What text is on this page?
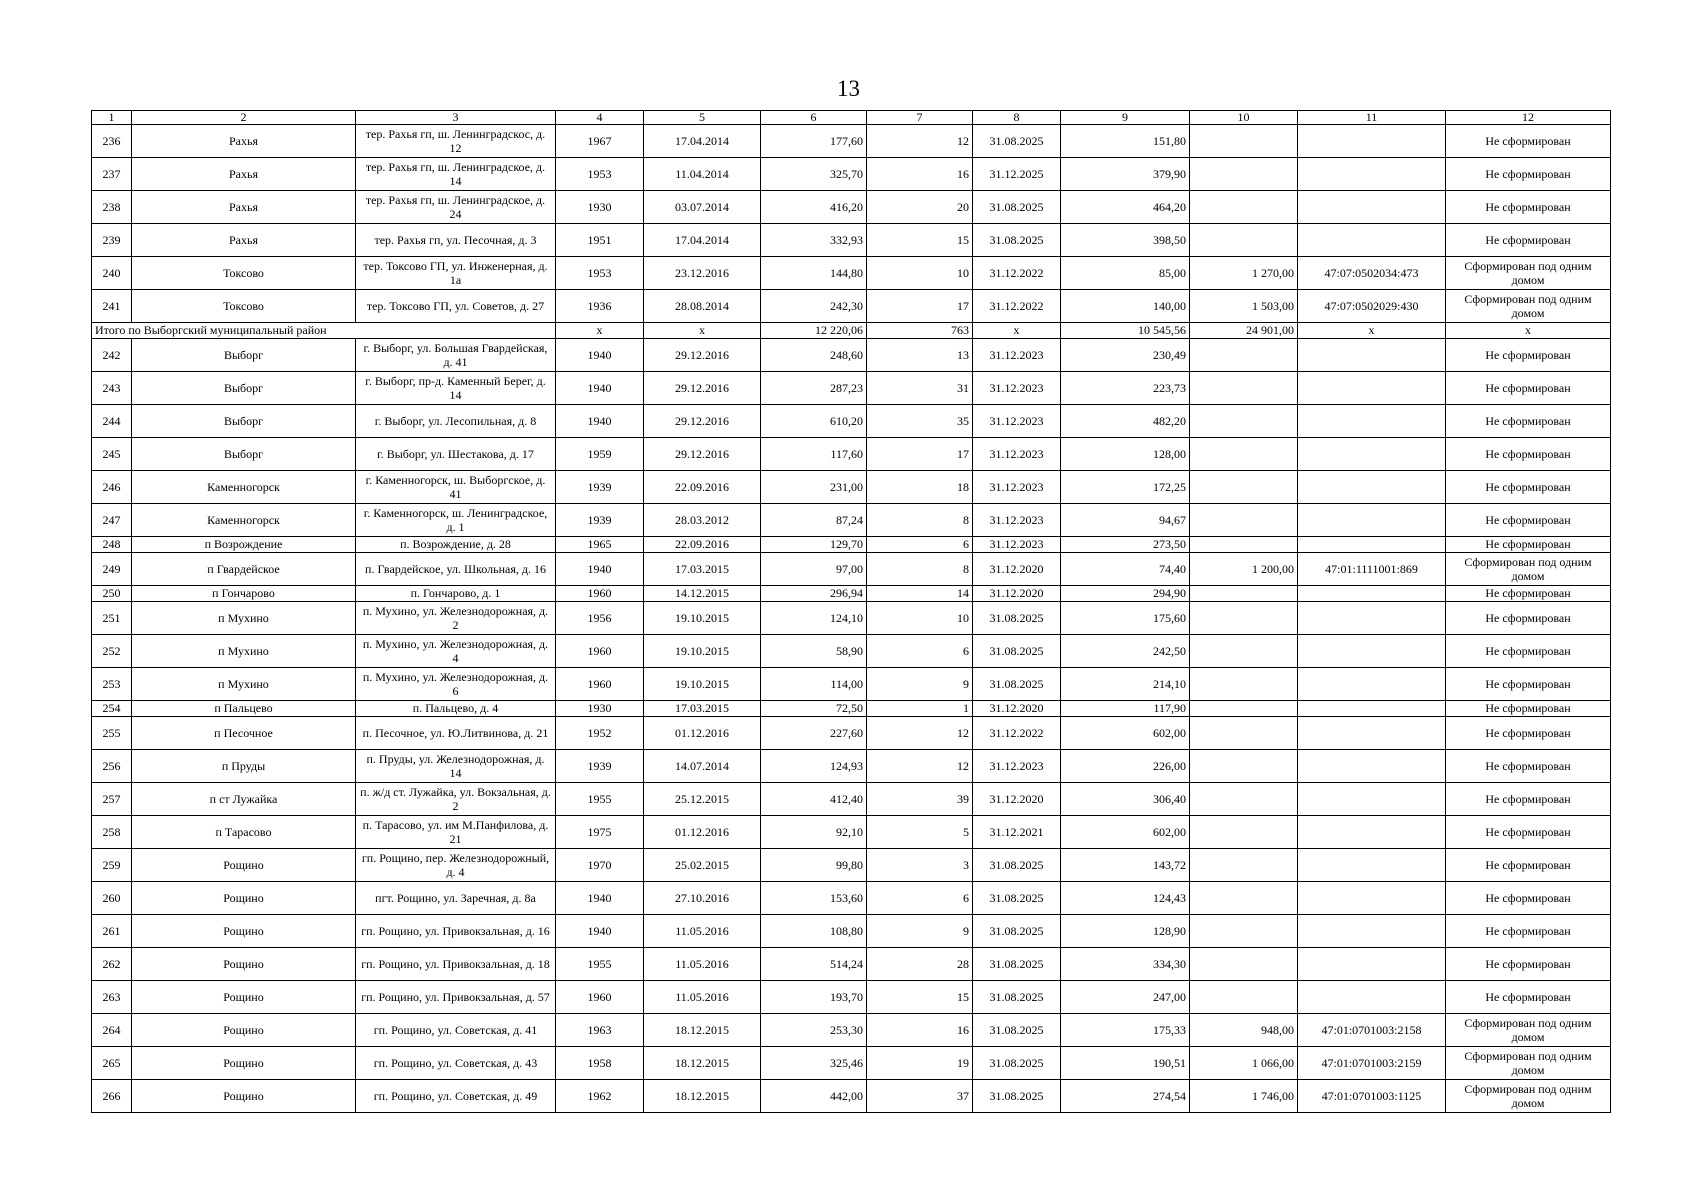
13
1	2	3	4	5	6	7	8	9	10	11	12
236	Рахья	тер. Рахья гп, ш. Ленинградскос, д. 12	1967	17.04.2014	177,60	12	31.08.2025	151,80			Не сформирован
237	Рахья	тер. Рахья гп, ш. Ленинградское, д. 14	1953	11.04.2014	325,70	16	31.12.2025	379,90			Не сформирован
238	Рахья	тер. Рахья гп, ш. Ленинградское, д. 24	1930	03.07.2014	416,20	20	31.08.2025	464,20			Не сформирован
239	Рахья	тер. Рахья гп, ул. Песочная, д. 3	1951	17.04.2014	332,93	15	31.08.2025	398,50			Не сформирован
240	Токсово	тер. Токсово ГП, ул. Инженерная, д. 1а	1953	23.12.2016	144,80	10	31.12.2022	85,00	1 270,00	47:07:0502034:473	Сформирован под одним домом
241	Токсово	тер. Токсово ГП, ул. Советов, д. 27	1936	28.08.2014	242,30	17	31.12.2022	140,00	1 503,00	47:07:0502029:430	Сформирован под одним домом
Итого по Выборгский муниципальный район			x	x	12 220,06	763	x	10 545,56	24 901,00	x	x
242	Выборг	г. Выборг, ул. Большая Гвардейская, д. 41	1940	29.12.2016	248,60	13	31.12.2023	230,49			Не сформирован
243	Выборг	г. Выборг, пр-д. Каменный Берег, д. 14	1940	29.12.2016	287,23	31	31.12.2023	223,73			Не сформирован
244	Выборг	г. Выборг, ул. Лесопильная, д. 8	1940	29.12.2016	610,20	35	31.12.2023	482,20			Не сформирован
245	Выборг	г. Выборг, ул. Шестакова, д. 17	1959	29.12.2016	117,60	17	31.12.2023	128,00			Не сформирован
246	Каменногорск	г. Каменногорск, ш. Выборгское, д. 41	1939	22.09.2016	231,00	18	31.12.2023	172,25			Не сформирован
247	Каменногорск	г. Каменногорск, ш. Ленинградское, д. 1	1939	28.03.2012	87,24	8	31.12.2023	94,67			Не сформирован
248	п Возрождение	п. Возрождение, д. 28	1965	22.09.2016	129,70	6	31.12.2023	273,50			Не сформирован
249	п Гвардейское	п. Гвардейское, ул. Школьная, д. 16	1940	17.03.2015	97,00	8	31.12.2020	74,40	1 200,00	47:01:1111001:869	Сформирован под одним домом
250	п Гончарово	п. Гончарово, д. 1	1960	14.12.2015	296,94	14	31.12.2020	294,90			Не сформирован
251	п Мухино	п. Мухино, ул. Железнодорожная, д. 2	1956	19.10.2015	124,10	10	31.08.2025	175,60			Не сформирован
252	п Мухино	п. Мухино, ул. Железнодорожная, д. 4	1960	19.10.2015	58,90	6	31.08.2025	242,50			Не сформирован
253	п Мухино	п. Мухино, ул. Железнодорожная, д. 6	1960	19.10.2015	114,00	9	31.08.2025	214,10			Не сформирован
254	п Пальцево	п. Пальцево, д. 4	1930	17.03.2015	72,50	1	31.12.2020	117,90			Не сформирован
255	п Песочное	п. Песочное, ул. Ю.Литвинова, д. 21	1952	01.12.2016	227,60	12	31.12.2022	602,00			Не сформирован
256	п Пруды	п. Пруды, ул. Железнодорожная, д. 14	1939	14.07.2014	124,93	12	31.12.2023	226,00			Не сформирован
257	п ст Лужайка	п. ж/д ст. Лужайка, ул. Вокзальная, д. 2	1955	25.12.2015	412,40	39	31.12.2020	306,40			Не сформирован
258	п Тарасово	п. Тарасово, ул. им М.Панфилова, д. 21	1975	01.12.2016	92,10	5	31.12.2021	602,00			Не сформирован
259	Рощино	гп. Рощино, пер. Железнодорожный, д. 4	1970	25.02.2015	99,80	3	31.08.2025	143,72			Не сформирован
260	Рощино	пгт. Рощино, ул. Заречная, д. 8а	1940	27.10.2016	153,60	6	31.08.2025	124,43			Не сформирован
261	Рощино	гп. Рощино, ул. Привокзальная, д. 16	1940	11.05.2016	108,80	9	31.08.2025	128,90			Не сформирован
262	Рощино	гп. Рощино, ул. Привокзальная, д. 18	1955	11.05.2016	514,24	28	31.08.2025	334,30			Не сформирован
263	Рощино	гп. Рощино, ул. Привокзальная, д. 57	1960	11.05.2016	193,70	15	31.08.2025	247,00			Не сформирован
264	Рощино	гп. Рощино, ул. Советская, д. 41	1963	18.12.2015	253,30	16	31.08.2025	175,33	948,00	47:01:0701003:2158	Сформирован под одним домом
265	Рощино	гп. Рощино, ул. Советская, д. 43	1958	18.12.2015	325,46	19	31.08.2025	190,51	1 066,00	47:01:0701003:2159	Сформирован под одним домом
266	Рощино	гп. Рощино, ул. Советская, д. 49	1962	18.12.2015	442,00	37	31.08.2025	274,54	1 746,00	47:01:0701003:1125	Сформирован под одним домом
